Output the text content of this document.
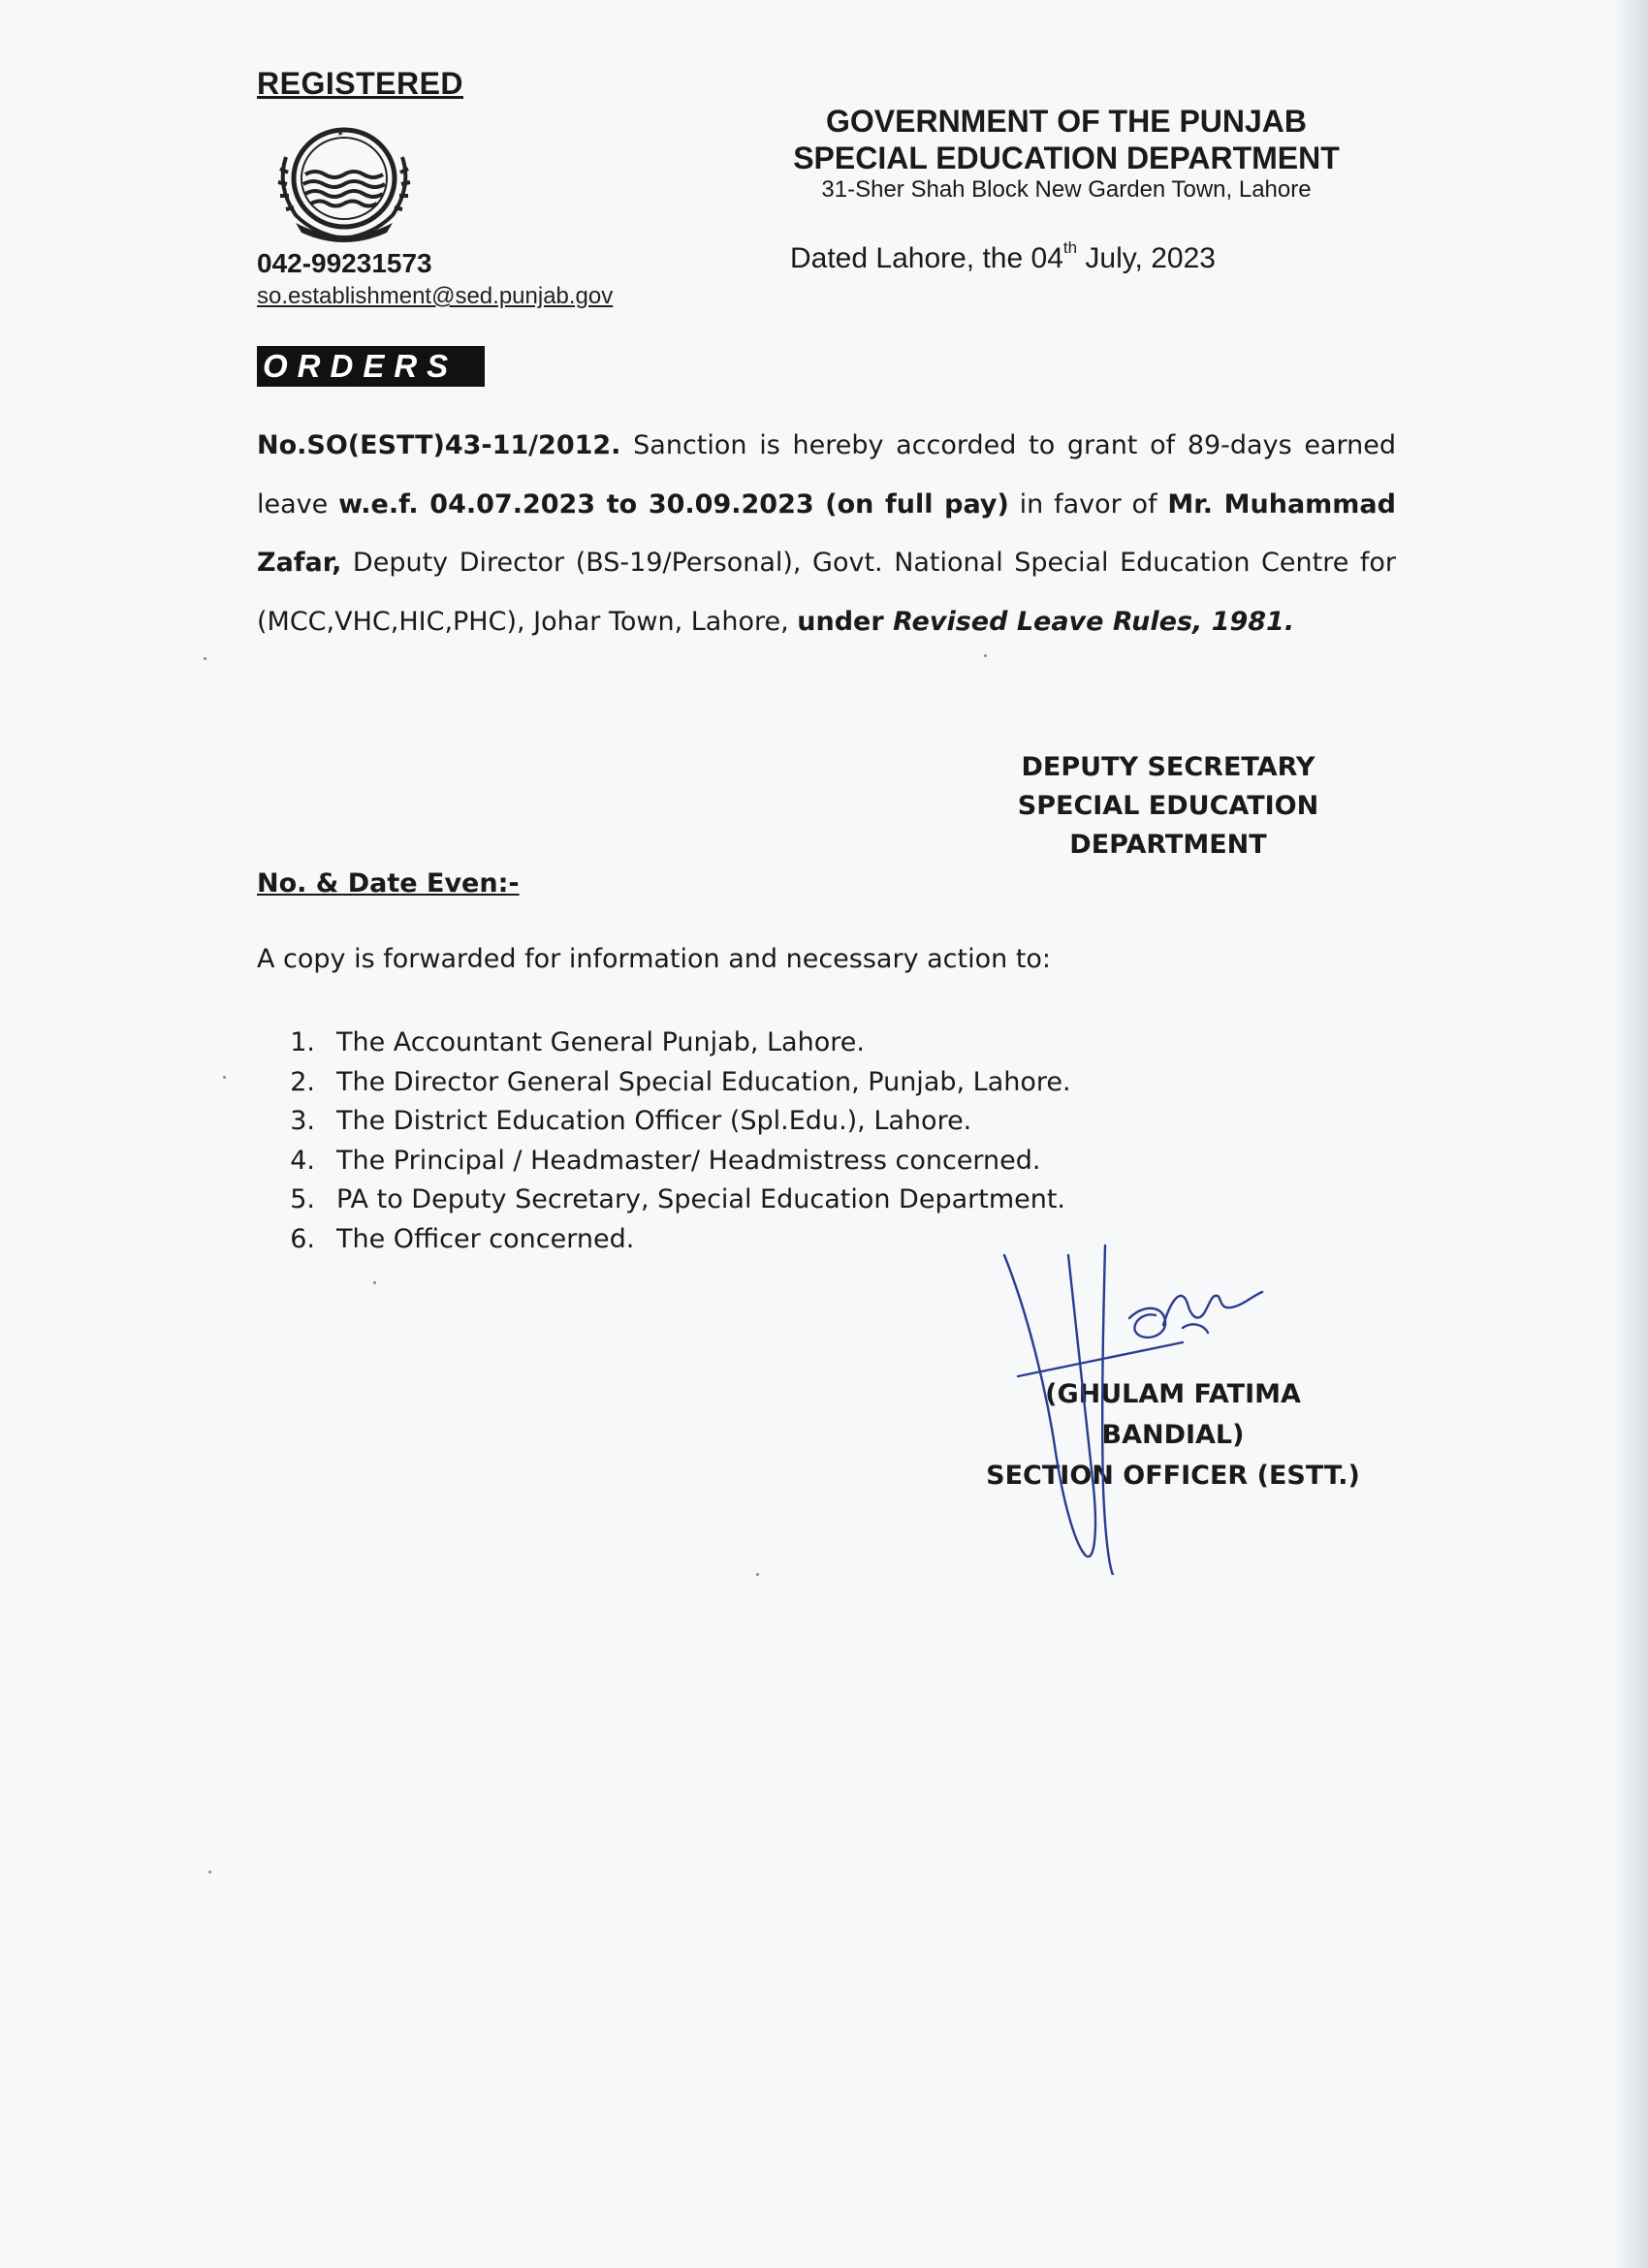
REGISTERED
042-99231573
so.establishment@sed.punjab.gov
GOVERNMENT OF THE PUNJAB
SPECIAL EDUCATION DEPARTMENT
31-Sher Shah Block New Garden Town, Lahore
Dated Lahore, the 04th July, 2023
ORDERS
No.SO(ESTT)43-11/2012. Sanction is hereby accorded to grant of 89-days earned leave w.e.f. 04.07.2023 to 30.09.2023 (on full pay) in favor of Mr. Muhammad Zafar, Deputy Director (BS-19/Personal), Govt. National Special Education Centre for (MCC,VHC,HIC,PHC), Johar Town, Lahore, under Revised Leave Rules, 1981.
DEPUTY SECRETARY
SPECIAL EDUCATION
DEPARTMENT
No. & Date Even:-
A copy is forwarded for information and necessary action to:
1. The Accountant General Punjab, Lahore.
2. The Director General Special Education, Punjab, Lahore.
3. The District Education Officer (Spl.Edu.), Lahore.
4. The Principal / Headmaster/ Headmistress concerned.
5. PA to Deputy Secretary, Special Education Department.
6. The Officer concerned.
(GHULAM FATIMA BANDIAL)
SECTION OFFICER (ESTT.)
